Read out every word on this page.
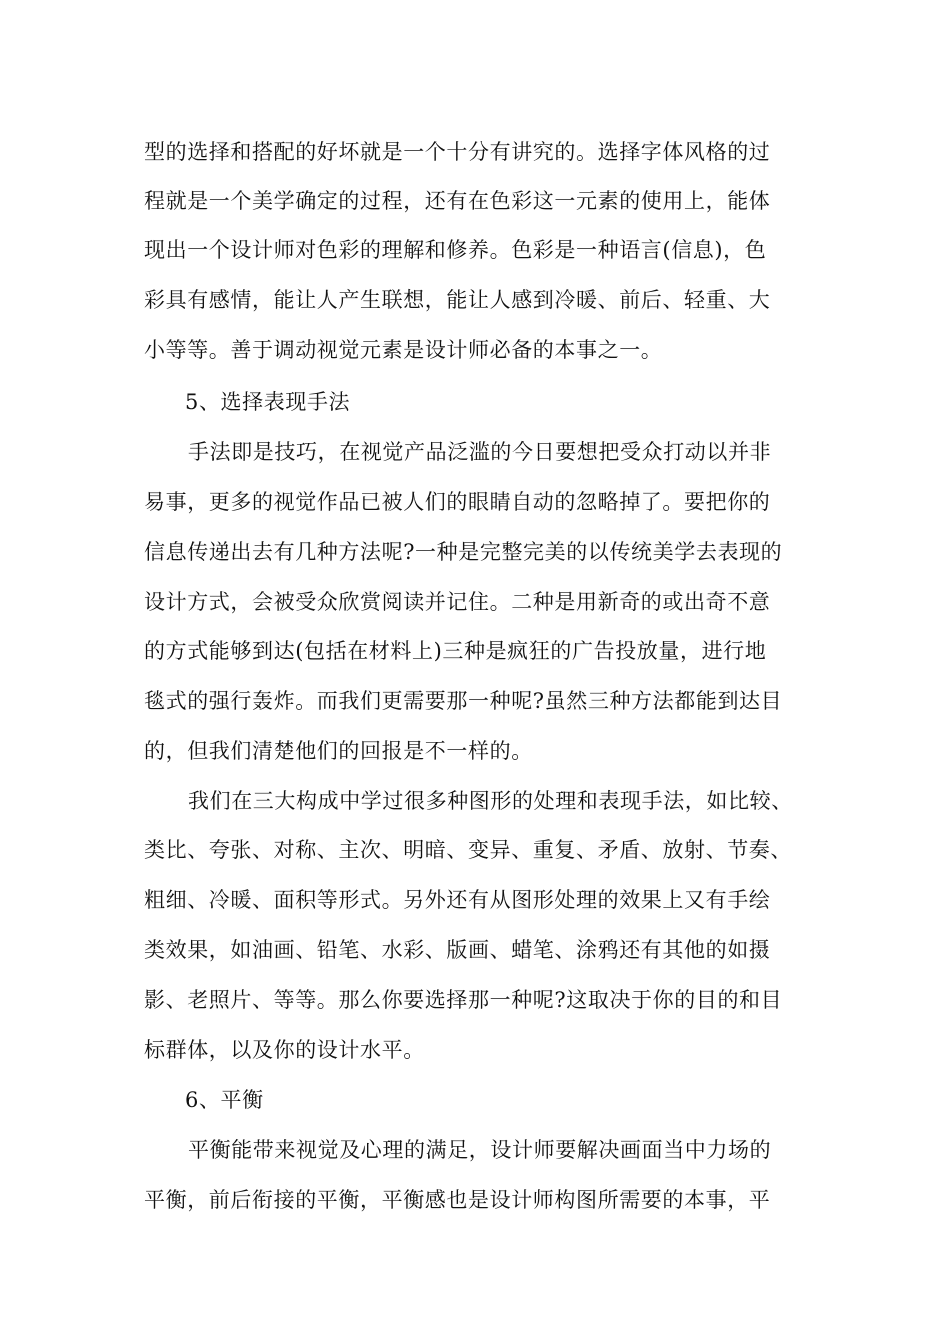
型的选择和搭配的好坏就是一个十分有讲究的。选择字体风格的过

程就是一个美学确定的过程，还有在色彩这一元素的使用上，能体

现出一个设计师对色彩的理解和修养。色彩是一种语言(信息)，色

彩具有感情，能让人产生联想，能让人感到冷暖、前后、轻重、大

小等等。善于调动视觉元素是设计师必备的本事之一。

5、选择表现手法

手法即是技巧，在视觉产品泛滥的今日要想把受众打动以并非

易事，更多的视觉作品已被人们的眼睛自动的忽略掉了。要把你的

信息传递出去有几种方法呢?一种是完整完美的以传统美学去表现的

设计方式，会被受众欣赏阅读并记住。二种是用新奇的或出奇不意

的方式能够到达(包括在材料上)三种是疯狂的广告投放量，进行地

毯式的强行轰炸。而我们更需要那一种呢?虽然三种方法都能到达目

的，但我们清楚他们的回报是不一样的。

我们在三大构成中学过很多种图形的处理和表现手法，如比较、

类比、夸张、对称、主次、明暗、变异、重复、矛盾、放射、节奏、

粗细、冷暖、面积等形式。另外还有从图形处理的效果上又有手绘

类效果，如油画、铅笔、水彩、版画、蜡笔、涂鸦还有其他的如摄

影、老照片、等等。那么你要选择那一种呢?这取决于你的目的和目

标群体，以及你的设计水平。

6、平衡

平衡能带来视觉及心理的满足，设计师要解决画面当中力场的

平衡，前后衔接的平衡，平衡感也是设计师构图所需要的本事，平
